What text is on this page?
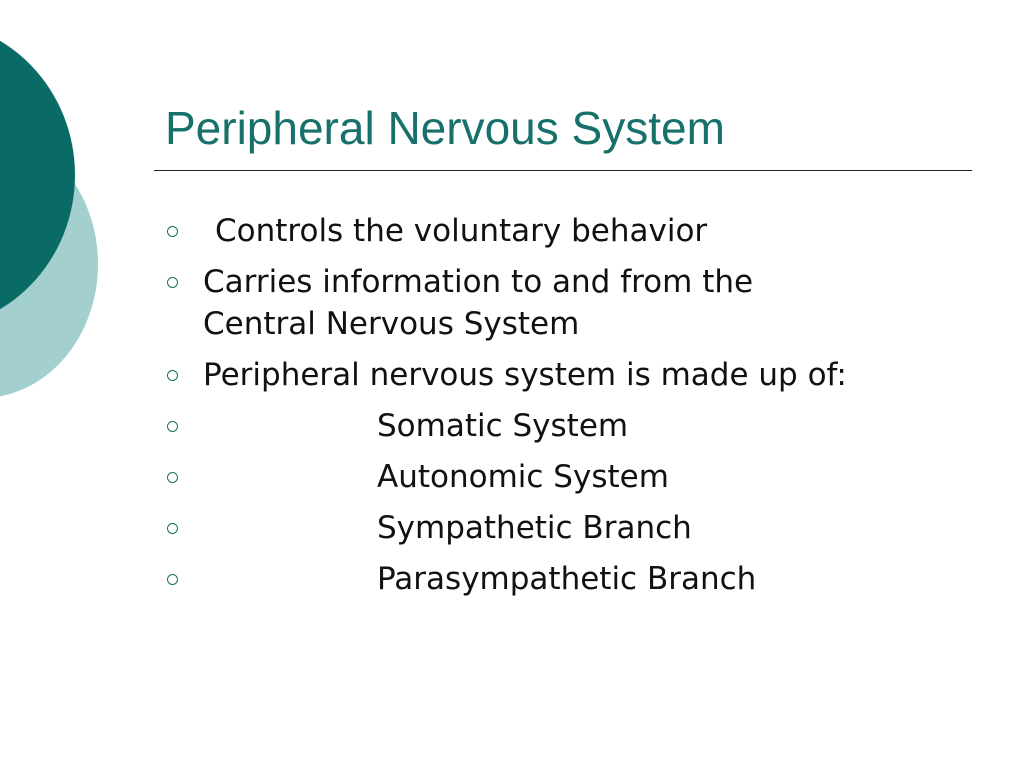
Peripheral Nervous System
Controls the voluntary behavior
Carries information to and from the
Central Nervous System
Peripheral nervous system is made up of:
Somatic System
Autonomic System
Sympathetic Branch
Parasympathetic Branch
